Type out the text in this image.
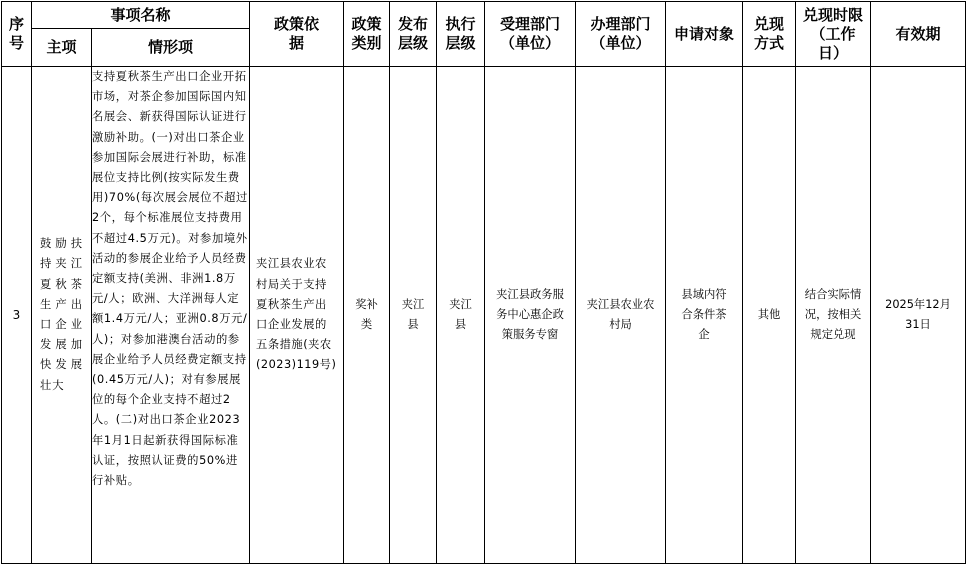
序号	事项名称		政策依据	政策类别	发布层级	执行层级	受理部门（单位）	办理部门（单位）	申请对象	兑现方式	兑现时限（工作日）	有效期
	主项	情形项										
3	鼓励扶持夹江夏秋茶生产出口企业发展加快发展壮大	支持夏秋茶生产出口企业开拓市场，对茶企参加国际国内知名展会、新获得国际认证进行激励补助。(一)对出口茶企业参加国际会展进行补助，标准展位支持比例(按实际发生费用)70%(每次展会展位不超过2个，每个标准展位支持费用不超过4.5万元)。对参加境外活动的参展企业给予人员经费定额支持(美洲、非洲1.8万元/人；欧洲、大洋洲每人定额1.4万元/人；亚洲0.8万元/人)；对参加港澳台活动的参展企业给予人员经费定额支持(0.45万元/人)；对有参展展位的每个企业支持不超过2人。(二)对出口茶企业2023年1月1日起新获得国际标准认证，按照认证费的50%进行补贴。	夹江县农业农村局关于支持夏秋茶生产出口企业发展的五条措施(夹农(2023)119号)	奖补类	夹江县	夹江县	夹江县政务服务中心惠企政策服务专窗	夹江县农业农村局	县域内符合条件茶企	其他	结合实际情况，按相关规定兑现	2025年12月31日
